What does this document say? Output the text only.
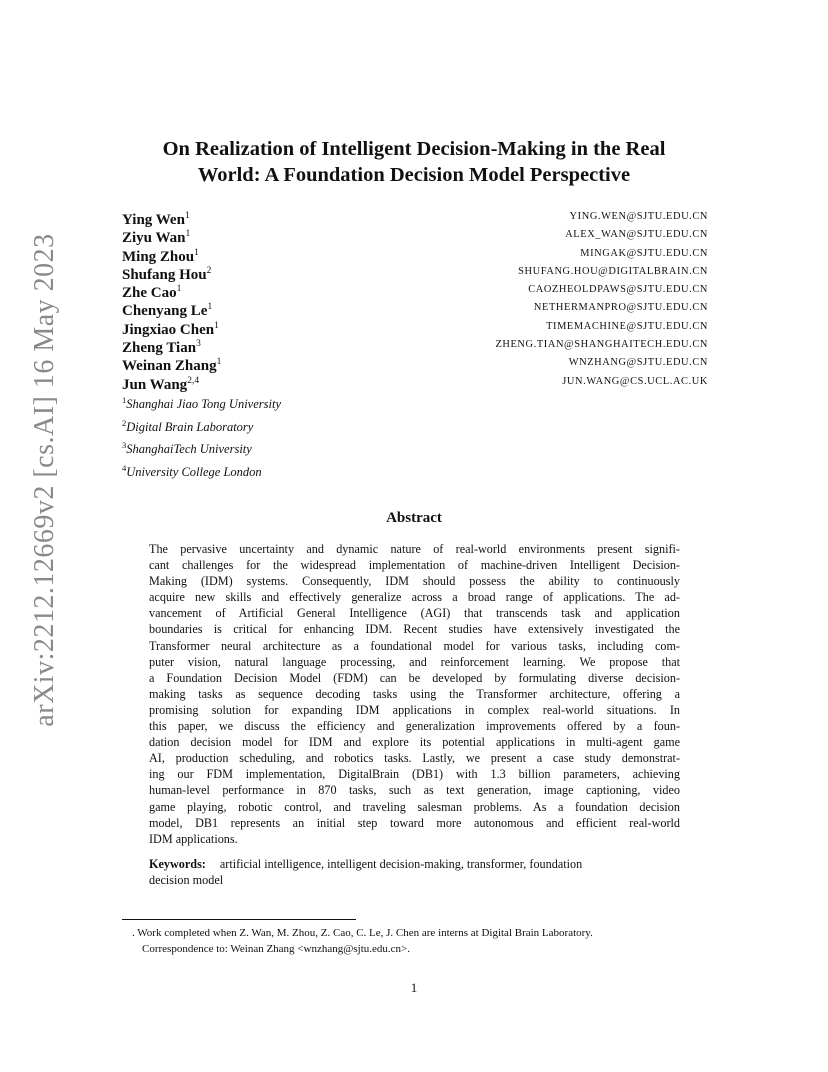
arXiv:2212.12669v2 [cs.AI] 16 May 2023
On Realization of Intelligent Decision-Making in the Real
World: A Foundation Decision Model Perspective
Ying Wen$^1$	YING.WEN@SJTU.EDU.CN
Ziyu Wan$^1$	ALEX_WAN@SJTU.EDU.CN
Ming Zhou$^1$	MINGAK@SJTU.EDU.CN
Shufang Hou$^2$	SHUFANG.HOU@DIGITALBRAIN.CN
Zhe Cao$^1$	CAOZHEOLDPAWS@SJTU.EDU.CN
Chenyang Le$^1$	NETHERMANPRO@SJTU.EDU.CN
Jingxiao Chen$^1$	TIMEMACHINE@SJTU.EDU.CN
Zheng Tian$^3$	ZHENG.TIAN@SHANGHAITECH.EDU.CN
Weinan Zhang$^1$	WNZHANG@SJTU.EDU.CN
Jun Wang$^{2,4}$	JUN.WANG@CS.UCL.AC.UK
$^1$Shanghai Jiao Tong University
$^2$Digital Brain Laboratory
$^3$ShanghaiTech University
$^4$University College London
Abstract
The pervasive uncertainty and dynamic nature of real-world environments present signifi-
cant challenges for the widespread implementation of machine-driven Intelligent Decision-
Making (IDM) systems. Consequently, IDM should possess the ability to continuously
acquire new skills and effectively generalize across a broad range of applications. The ad-
vancement of Artificial General Intelligence (AGI) that transcends task and application
boundaries is critical for enhancing IDM. Recent studies have extensively investigated the
Transformer neural architecture as a foundational model for various tasks, including com-
puter vision, natural language processing, and reinforcement learning. We propose that
a Foundation Decision Model (FDM) can be developed by formulating diverse decision-
making tasks as sequence decoding tasks using the Transformer architecture, offering a
promising solution for expanding IDM applications in complex real-world situations. In
this paper, we discuss the efficiency and generalization improvements offered by a foun-
dation decision model for IDM and explore its potential applications in multi-agent game
AI, production scheduling, and robotics tasks. Lastly, we present a case study demonstrat-
ing our FDM implementation, DigitalBrain (DB1) with 1.3 billion parameters, achieving
human-level performance in 870 tasks, such as text generation, image captioning, video
game playing, robotic control, and traveling salesman problems. As a foundation decision
model, DB1 represents an initial step toward more autonomous and efficient real-world
IDM applications.
Keywords: artificial intelligence, intelligent decision-making, transformer, foundation
decision model
. Work completed when Z. Wan, M. Zhou, Z. Cao, C. Le, J. Chen are interns at Digital Brain Laboratory.
Correspondence to: Weinan Zhang <wnzhang@sjtu.edu.cn>.
1
